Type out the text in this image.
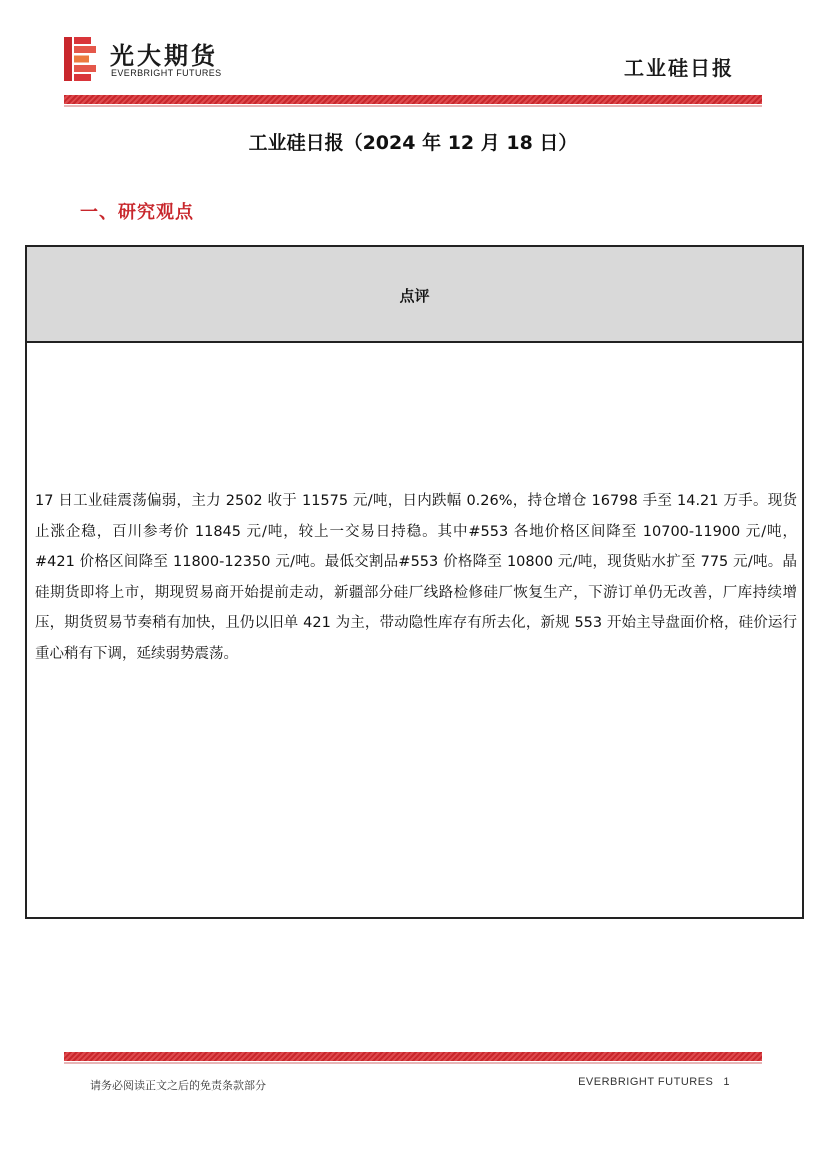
光大期货
EVERBRIGHT FUTURES	工业硅日报
工业硅日报（2024 年 12 月 18 日）
一、研究观点
点评

17 日工业硅震荡偏弱，主力 2502 收于 11575 元/吨，日内跌幅 0.26%，持仓增仓 16798 手至 14.21 万手。现货止涨企稳，百川参考价 11845 元/吨，较上一交易日持稳。其中#553 各地价格区间降至 10700-11900 元/吨，#421 价格区间降至 11800-12350 元/吨。最低交割品#553 价格降至 10800 元/吨，现货贴水扩至 775 元/吨。晶硅期货即将上市，期现贸易商开始提前走动，新疆部分硅厂线路检修硅厂恢复生产，下游订单仍无改善，厂库持续增压，期货贸易节奏稍有加快，且仍以旧单 421 为主，带动隐性库存有所去化，新规 553 开始主导盘面价格，硅价运行重心稍有下调，延续弱势震荡。

请务必阅读正文之后的免责条款部分	EVERBRIGHT FUTURES 1
